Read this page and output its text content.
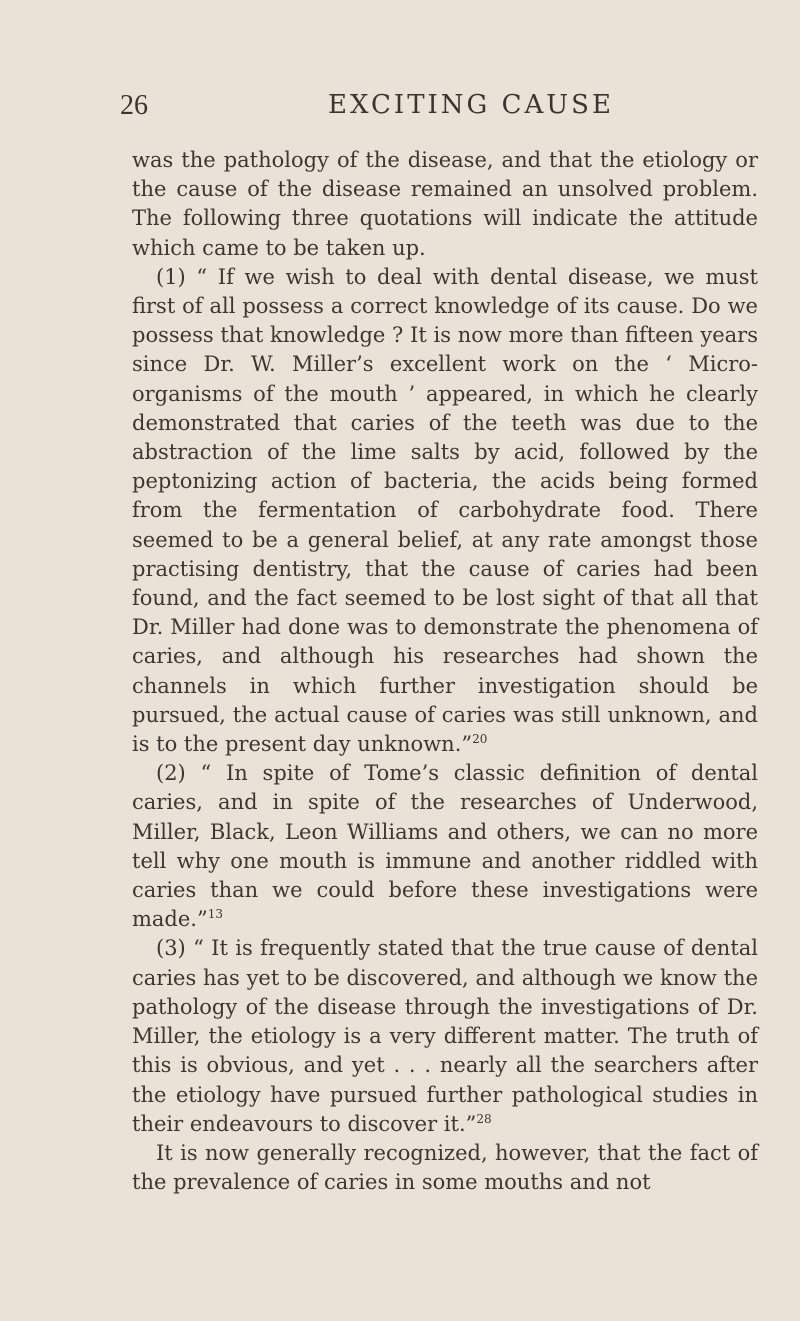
26	EXCITING CAUSE

was the pathology of the disease, and that the etiology or the cause of the disease remained an unsolved problem. The following three quotations will indicate the attitude which came to be taken up.

(1) “ If we wish to deal with dental disease, we must first of all possess a correct knowledge of its cause. Do we possess that knowledge ? It is now more than fifteen years since Dr. W. Miller’s excellent work on the ‘ Micro-organisms of the mouth ’ appeared, in which he clearly demonstrated that caries of the teeth was due to the abstraction of the lime salts by acid, followed by the peptonizing action of bacteria, the acids being formed from the fermentation of carbohydrate food. There seemed to be a general belief, at any rate amongst those practising dentistry, that the cause of caries had been found, and the fact seemed to be lost sight of that all that Dr. Miller had done was to demonstrate the phenomena of caries, and although his researches had shown the channels in which further investigation should be pursued, the actual cause of caries was still unknown, and is to the present day unknown.”$^{20}$

(2) “ In spite of Tome’s classic definition of dental caries, and in spite of the researches of Underwood, Miller, Black, Leon Williams and others, we can no more tell why one mouth is immune and another riddled with caries than we could before these investigations were made.”$^{13}$

(3) “ It is frequently stated that the true cause of dental caries has yet to be discovered, and although we know the pathology of the disease through the investigations of Dr. Miller, the etiology is a very different matter. The truth of this is obvious, and yet . . . nearly all the searchers after the etiology have pursued further pathological studies in their endeavours to discover it.”$^{28}$

It is now generally recognized, however, that the fact of the prevalence of caries in some mouths and not
